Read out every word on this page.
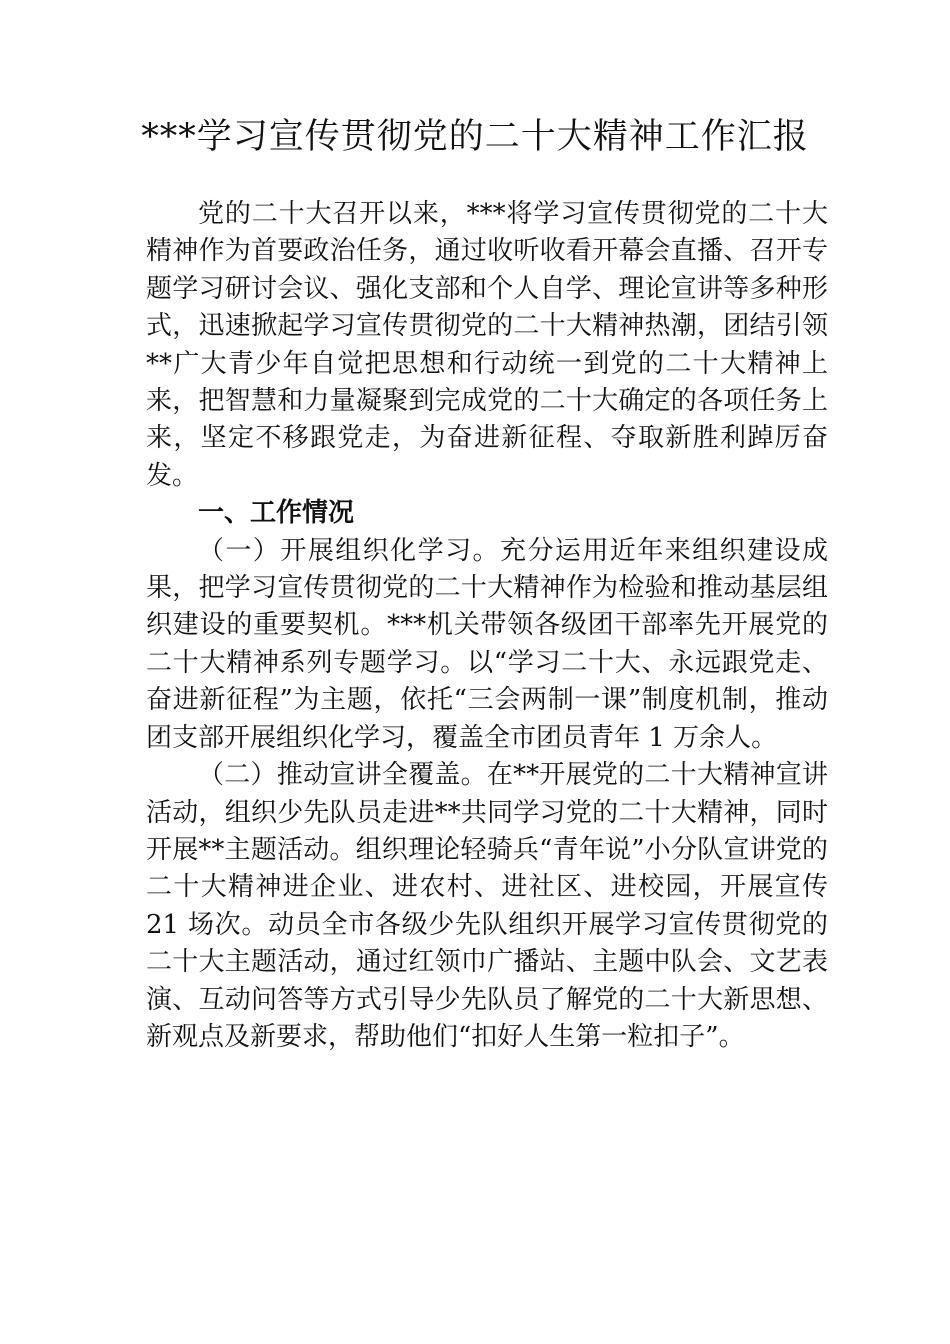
***学习宣传贯彻党的二十大精神工作汇报

党的二十大召开以来，***将学习宣传贯彻党的二十大精神作为首要政治任务，通过收听收看开幕会直播、召开专题学习研讨会议、强化支部和个人自学、理论宣讲等多种形式，迅速掀起学习宣传贯彻党的二十大精神热潮，团结引领**广大青少年自觉把思想和行动统一到党的二十大精神上来，把智慧和力量凝聚到完成党的二十大确定的各项任务上来，坚定不移跟党走，为奋进新征程、夺取新胜利踔厉奋发。

一、工作情况

（一）开展组织化学习。充分运用近年来组织建设成果，把学习宣传贯彻党的二十大精神作为检验和推动基层组织建设的重要契机。***机关带领各级团干部率先开展党的二十大精神系列专题学习。以“学习二十大、永远跟党走、奋进新征程”为主题，依托“三会两制一课”制度机制，推动团支部开展组织化学习，覆盖全市团员青年 1 万余人。

（二）推动宣讲全覆盖。在**开展党的二十大精神宣讲活动，组织少先队员走进**共同学习党的二十大精神，同时开展**主题活动。组织理论轻骑兵“青年说”小分队宣讲党的二十大精神进企业、进农村、进社区、进校园，开展宣传 21 场次。动员全市各级少先队组织开展学习宣传贯彻党的二十大主题活动，通过红领巾广播站、主题中队会、文艺表演、互动问答等方式引导少先队员了解党的二十大新思想、新观点及新要求，帮助他们“扣好人生第一粒扣子”。
